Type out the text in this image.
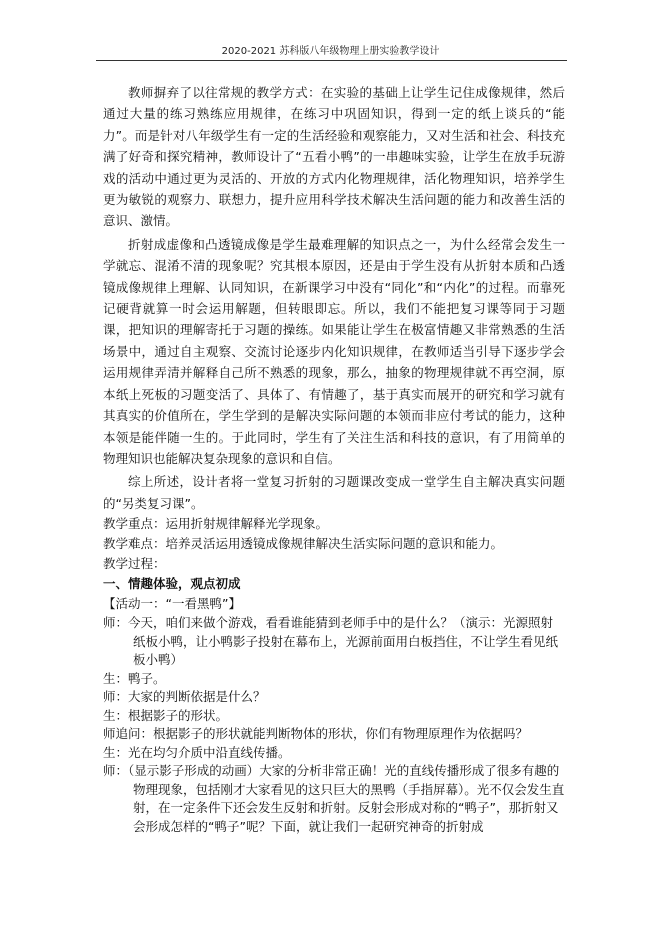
2020-2021 苏科版八年级物理上册实验教学设计

教师摒弃了以往常规的教学方式：在实验的基础上让学生记住成像规律，然后通过大量的练习熟练应用规律，在练习中巩固知识，得到一定的纸上谈兵的“能力”。而是针对八年级学生有一定的生活经验和观察能力，又对生活和社会、科技充满了好奇和探究精神，教师设计了“五看小鸭”的一串趣味实验，让学生在放手玩游戏的活动中通过更为灵活的、开放的方式内化物理规律，活化物理知识，培养学生更为敏锐的观察力、联想力，提升应用科学技术解决生活问题的能力和改善生活的意识、激情。

折射成虚像和凸透镜成像是学生最难理解的知识点之一，为什么经常会发生一学就忘、混淆不清的现象呢？究其根本原因，还是由于学生没有从折射本质和凸透镜成像规律上理解、认同知识，在新课学习中没有“同化”和“内化”的过程。而靠死记硬背就算一时会运用解题，但转眼即忘。所以，我们不能把复习课等同于习题课，把知识的理解寄托于习题的操练。如果能让学生在极富情趣又非常熟悉的生活场景中，通过自主观察、交流讨论逐步内化知识规律，在教师适当引导下逐步学会运用规律弄清并解释自己所不熟悉的现象，那么，抽象的物理规律就不再空洞，原本纸上死板的习题变活了、具体了、有情趣了，基于真实而展开的研究和学习就有其真实的价值所在，学生学到的是解决实际问题的本领而非应付考试的能力，这种本领是能伴随一生的。于此同时，学生有了关注生活和科技的意识，有了用简单的物理知识也能解决复杂现象的意识和自信。

综上所述，设计者将一堂复习折射的习题课改变成一堂学生自主解决真实问题的“另类复习课”。

教学重点：运用折射规律解释光学现象。
教学难点：培养灵活运用透镜成像规律解决生活实际问题的意识和能力。
教学过程：
一、情趣体验，观点初成
【活动一：“一看黑鸭”】
师：今天，咱们来做个游戏，看看谁能猜到老师手中的是什么？（演示：光源照射纸板小鸭，让小鸭影子投射在幕布上，光源前面用白板挡住，不让学生看见纸板小鸭）
生：鸭子。
师：大家的判断依据是什么？
生：根据影子的形状。
师追问：根据影子的形状就能判断物体的形状，你们有物理原理作为依据吗？
生：光在均匀介质中沿直线传播。
师：（显示影子形成的动画）大家的分析非常正确！光的直线传播形成了很多有趣的物理现象，包括刚才大家看见的这只巨大的黑鸭（手指屏幕）。光不仅会发生直射，在一定条件下还会发生反射和折射。反射会形成对称的“鸭子”，那折射又会形成怎样的“鸭子”呢？下面，就让我们一起研究神奇的折射成
